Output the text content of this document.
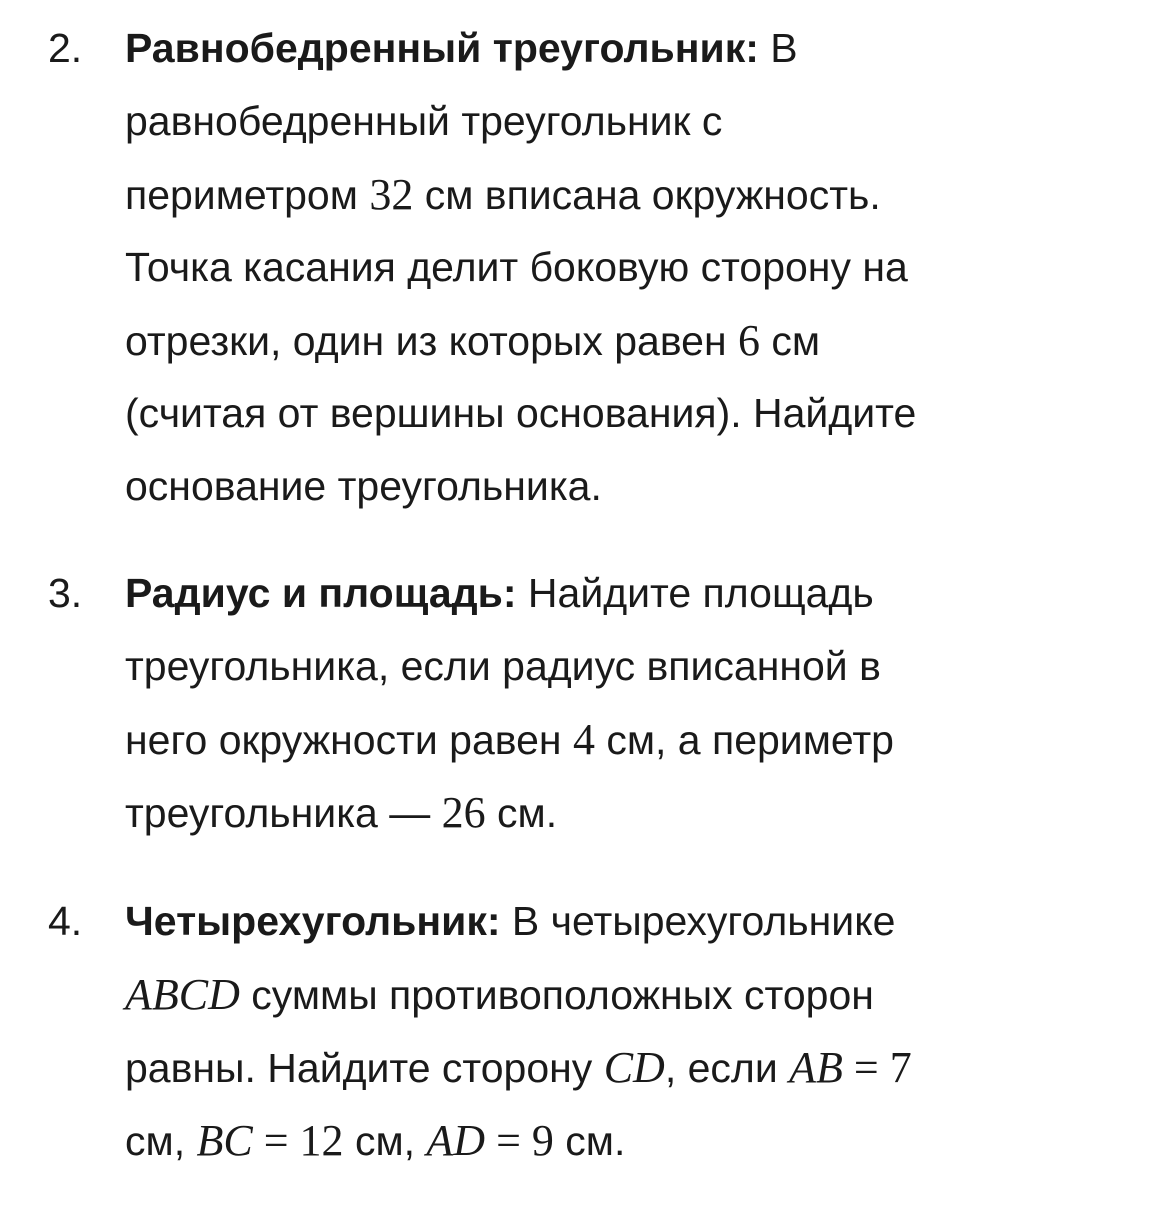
2. Равнобедренный треугольник: В
равнобедренный треугольник с
периметром 32 см вписана окружность.
Точка касания делит боковую сторону на
отрезки, один из которых равен 6 см
(считая от вершины основания). Найдите
основание треугольника.
3. Радиус и площадь: Найдите площадь
треугольника, если радиус вписанной в
него окружности равен 4 см, а периметр
треугольника — 26 см.
4. Четырехугольник: В четырехугольнике
ABCD суммы противоположных сторон
равны. Найдите сторону CD, если AB = 7
см, BC = 12 см, AD = 9 см.
